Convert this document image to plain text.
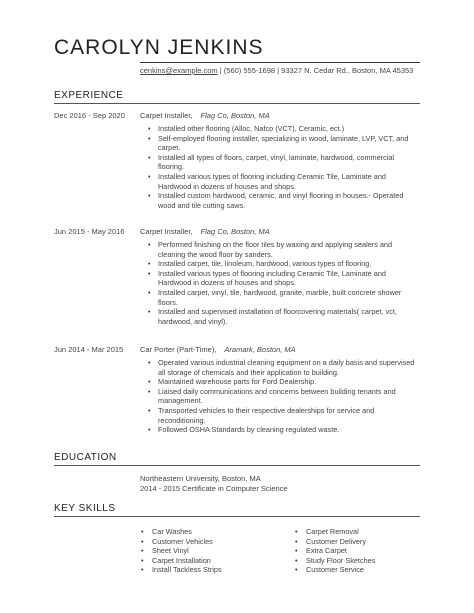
CAROLYN JENKINS
cenkins@example.com | (560) 555-1698 | 93327 N. Cedar Rd., Boston, MA 45353
EXPERIENCE
Dec 2016 - Sep 2020 Carpet Installer, Flag Co, Boston, MA
• Installed other flooring (Alloc, Nafco (VCT), Ceramic, ect.)
• Self-employed flooring installer, specializing in wood, laminate, LVP, VCT, and carpet.
• Installed all types of floors, carpet, vinyl, laminate, hardwood, commercial flooring.
• Installed various types of flooring including Ceramic Tile, Laminate and Hardwood in dozens of houses and shops.
• Installed custom hardwood, ceramic, and vinyl flooring in houses.- Operated wood and tile cutting saws.
Jun 2015 - May 2016 Carpet Installer, Flag Co, Boston, MA
• Performed finishing on the floor tiles by waxing and applying sealers and cleaning the wood floor by sanders.
• Installed carpet, tile, linoleum, hardwood, various types of flooring.
• Installed various types of flooring including Ceramic Tile, Laminate and Hardwood in dozens of houses and shops.
• Installed carpet, vinyl, tile, hardwood, granite, marble, built concrete shower floors.
• Installed and supervised installation of floorcovering materials( carpet, vct, hardwood, and vinyl).
Jun 2014 - Mar 2015 Car Porter (Part-Time), Aramark, Boston, MA
• Operated various industrial cleaning equipment on a daily basis and supervised all storage of chemicals and their application to building.
• Maintained warehouse parts for Ford Dealership.
• Liaised daily communications and concerns between building tenants and management.
• Transported vehicles to their respective dealerships for service and reconditioning.
• Followed OSHA Standards by cleaning regulated waste.
EDUCATION
Northeastern University, Boston, MA
2014 - 2015 Certificate in Computer Science
KEY SKILLS
• Car Washes
• Customer Vehicles
• Sheet Vinyl
• Carpet Installation
• Install Tackless Strips
• Carpet Removal
• Customer Delivery
• Extra Carpet
• Study Floor Sketches
• Customer Service
